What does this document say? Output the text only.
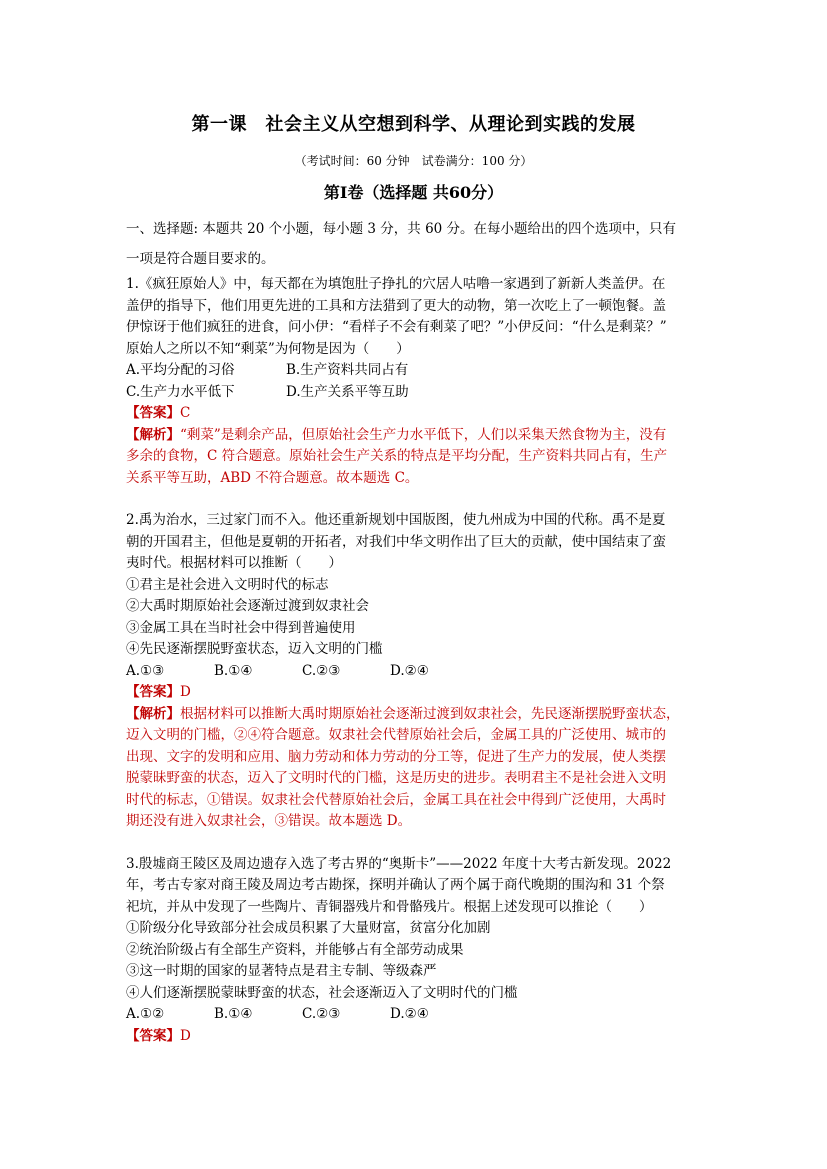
第一课　社会主义从空想到科学、从理论到实践的发展
（考试时间：60 分钟　试卷满分：100 分）
第Ⅰ卷（选择题 共60分）

一、选择题: 本题共 20 个小题，每小题 3 分，共 60 分。在每小题给出的四个选项中，只有

一项是符合题目要求的。

1.《疯狂原始人》中，每天都在为填饱肚子挣扎的穴居人咕噜一家遇到了新新人类盖伊。在

盖伊的指导下，他们用更先进的工具和方法猎到了更大的动物，第一次吃上了一顿饱餐。盖

伊惊讶于他们疯狂的进食，问小伊：“看样子不会有剩菜了吧？”小伊反问：“什么是剩菜？”

原始人之所以不知“剩菜”为何物是因为（　　）

A.平均分配的习俗	B.生产资料共同占有
C.生产力水平低下	D.生产关系平等互助

【答案】C

【解析】“剩菜”是剩余产品，但原始社会生产力水平低下，人们以采集天然食物为主，没有

多余的食物，C 符合题意。原始社会生产关系的特点是平均分配，生产资料共同占有，生产

关系平等互助，ABD 不符合题意。故本题选 C。

2.禹为治水，三过家门而不入。他还重新规划中国版图，使九州成为中国的代称。禹不是夏

朝的开国君主，但他是夏朝的开拓者，对我们中华文明作出了巨大的贡献，使中国结束了蛮

夷时代。根据材料可以推断（　　）

①君主是社会进入文明时代的标志

②大禹时期原始社会逐渐过渡到奴隶社会

③金属工具在当时社会中得到普遍使用

④先民逐渐摆脱野蛮状态，迈入文明的门槛

A.①③	B.①④	C.②③	D.②④

【答案】D

【解析】根据材料可以推断大禹时期原始社会逐渐过渡到奴隶社会，先民逐渐摆脱野蛮状态，

迈入文明的门槛，②④符合题意。奴隶社会代替原始社会后，金属工具的广泛使用、城市的

出现、文字的发明和应用、脑力劳动和体力劳动的分工等，促进了生产力的发展，使人类摆

脱蒙昧野蛮的状态，迈入了文明时代的门槛，这是历史的进步。表明君主不是社会进入文明

时代的标志，①错误。奴隶社会代替原始社会后，金属工具在社会中得到广泛使用，大禹时

期还没有进入奴隶社会，③错误。故本题选 D。

3.殷墟商王陵区及周边遗存入选了考古界的“奥斯卡”——2022 年度十大考古新发现。2022

年，考古专家对商王陵及周边考古勘探，探明并确认了两个属于商代晚期的围沟和 31 个祭

祀坑，并从中发现了一些陶片、青铜器残片和骨骼残片。根据上述发现可以推论（　　）

①阶级分化导致部分社会成员积累了大量财富，贫富分化加剧

②统治阶级占有全部生产资料，并能够占有全部劳动成果

③这一时期的国家的显著特点是君主专制、等级森严

④人们逐渐摆脱蒙昧野蛮的状态，社会逐渐迈入了文明时代的门槛

A.①②	B.①④	C.②③	D.②④

【答案】D
